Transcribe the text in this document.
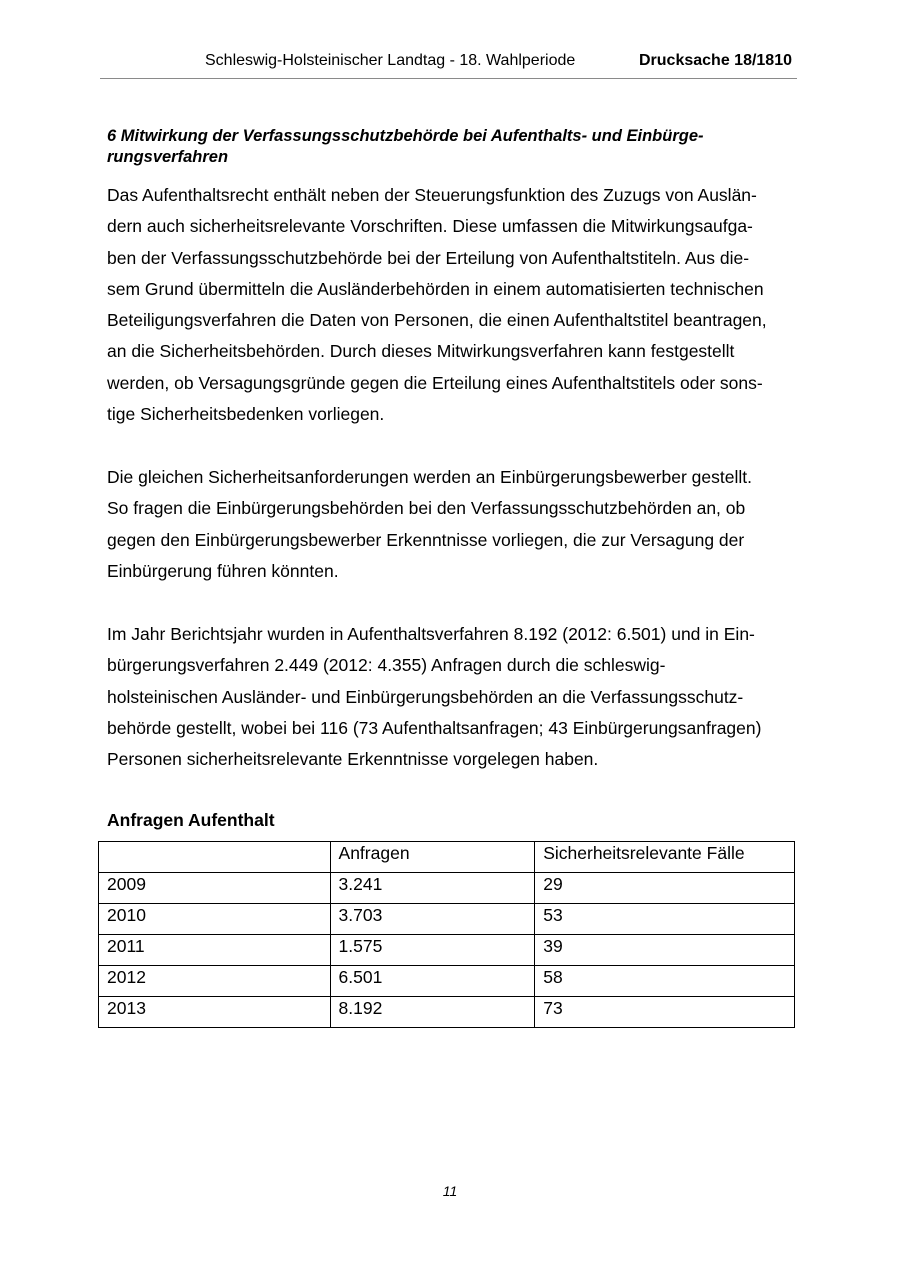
Schleswig-Holsteinischer Landtag - 18. Wahlperiode	Drucksache 18/1810
6 Mitwirkung der Verfassungsschutzbehörde bei Aufenthalts- und Einbürge-
rungsverfahren
Das Aufenthaltsrecht enthält neben der Steuerungsfunktion des Zuzugs von Auslän-
dern auch sicherheitsrelevante Vorschriften. Diese umfassen die Mitwirkungsaufga-
ben der Verfassungsschutzbehörde bei der Erteilung von Aufenthaltstiteln. Aus die-
sem Grund übermitteln die Ausländerbehörden in einem automatisierten technischen
Beteiligungsverfahren die Daten von Personen, die einen Aufenthaltstitel beantragen,
an die Sicherheitsbehörden. Durch dieses Mitwirkungsverfahren kann festgestellt
werden, ob Versagungsgründe gegen die Erteilung eines Aufenthaltstitels oder sons-
tige Sicherheitsbedenken vorliegen.
Die gleichen Sicherheitsanforderungen werden an Einbürgerungsbewerber gestellt.
So fragen die Einbürgerungsbehörden bei den Verfassungsschutzbehörden an, ob
gegen den Einbürgerungsbewerber Erkenntnisse vorliegen, die zur Versagung der
Einbürgerung führen könnten.
Im Jahr Berichtsjahr wurden in Aufenthaltsverfahren 8.192 (2012: 6.501) und in Ein-
bürgerungsverfahren 2.449 (2012: 4.355) Anfragen durch die schleswig-
holsteinischen Ausländer- und Einbürgerungsbehörden an die Verfassungsschutz-
behörde gestellt, wobei bei 116 (73 Aufenthaltsanfragen; 43 Einbürgerungsanfragen)
Personen sicherheitsrelevante Erkenntnisse vorgelegen haben.
Anfragen Aufenthalt
	Anfragen	Sicherheitsrelevante Fälle
2009	3.241	29
2010	3.703	53
2011	1.575	39
2012	6.501	58
2013	8.192	73
11
